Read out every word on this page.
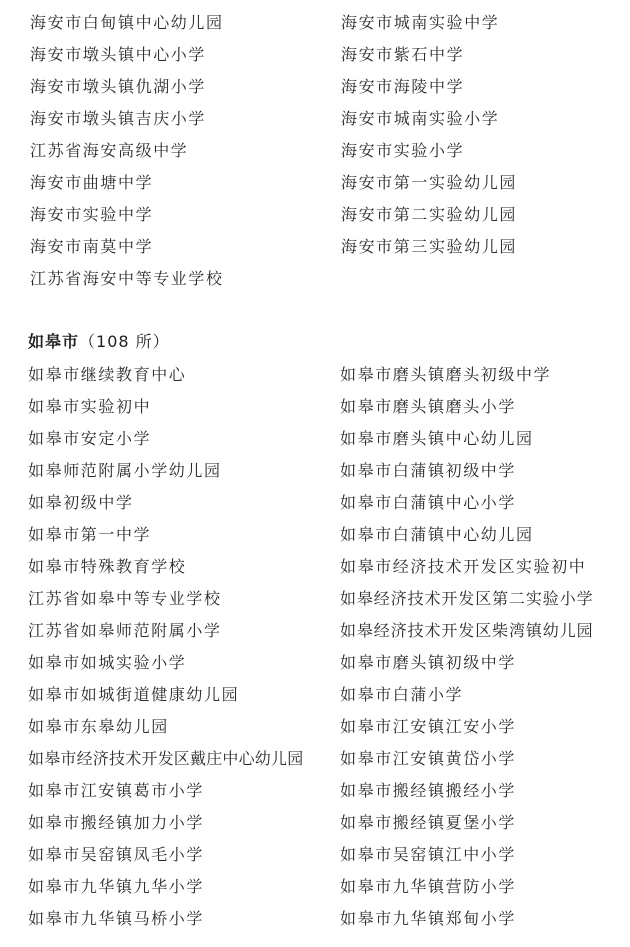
海安市白甸镇中心幼儿园
海安市墩头镇中心小学
海安市墩头镇仇湖小学
海安市墩头镇吉庆小学
江苏省海安高级中学
海安市曲塘中学
海安市实验中学
海安市南莫中学
江苏省海安中等专业学校
海安市城南实验中学
海安市紫石中学
海安市海陵中学
海安市城南实验小学
海安市实验小学
海安市第一实验幼儿园
海安市第二实验幼儿园
海安市第三实验幼儿园
如皋市（108 所）
如皋市继续教育中心
如皋市实验初中
如皋市安定小学
如皋师范附属小学幼儿园
如皋初级中学
如皋市第一中学
如皋市特殊教育学校
江苏省如皋中等专业学校
江苏省如皋师范附属小学
如皋市如城实验小学
如皋市如城街道健康幼儿园
如皋市东皋幼儿园
如皋市经济技术开发区戴庄中心幼儿园
如皋市江安镇葛市小学
如皋市搬经镇加力小学
如皋市吴窑镇凤毛小学
如皋市九华镇九华小学
如皋市九华镇马桥小学
如皋市磨头镇磨头初级中学
如皋市磨头镇磨头小学
如皋市磨头镇中心幼儿园
如皋市白蒲镇初级中学
如皋市白蒲镇中心小学
如皋市白蒲镇中心幼儿园
如皋市经济技术开发区实验初中
如皋经济技术开发区第二实验小学
如皋经济技术开发区柴湾镇幼儿园
如皋市磨头镇初级中学
如皋市白蒲小学
如皋市江安镇江安小学
如皋市江安镇黄岱小学
如皋市搬经镇搬经小学
如皋市搬经镇夏堡小学
如皋市吴窑镇江中小学
如皋市九华镇营防小学
如皋市九华镇郑甸小学
